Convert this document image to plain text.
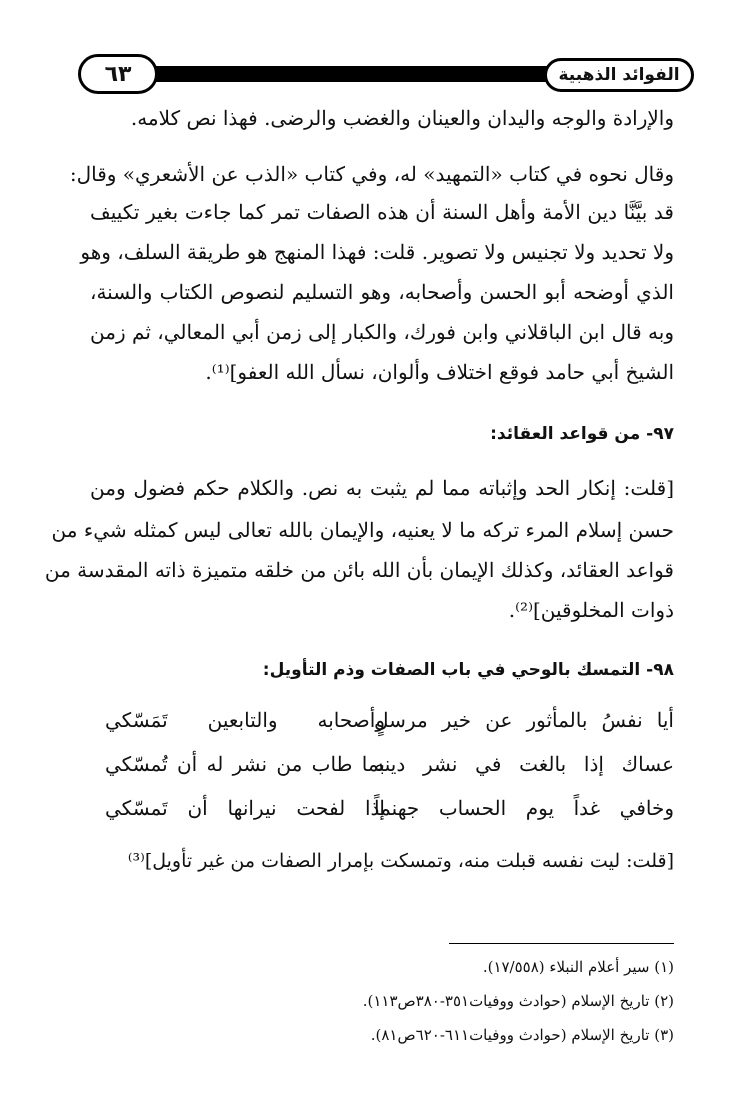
الفوائد الذهبية
٦٣
والإرادة والوجه واليدان والعينان والغضب والرضى. فهذا نص كلامه.
وقال نحوه في كتاب «التمهيد» له، وفي كتاب «الذب عن الأشعري» وقال:
قد بيَّنَّا دين الأمة وأهل السنة أن هذه الصفات تمر كما جاءت بغير تكييف
ولا تحديد ولا تجنيس ولا تصوير. قلت: فهذا المنهج هو طريقة السلف، وهو
الذي أوضحه أبو الحسن وأصحابه، وهو التسليم لنصوص الكتاب والسنة،
وبه قال ابن الباقلاني وابن فورك، والكبار إلى زمن أبي المعالي، ثم زمن
الشيخ أبي حامد فوقع اختلاف وألوان، نسأل الله العفو]⁽¹⁾.
٩٧- من قواعد العقائد:
[قلت: إنكار الحد وإثباته مما لم يثبت به نص. والكلام حكم فضول ومن
حسن إسلام المرء تركه ما لا يعنيه، والإيمان بالله تعالى ليس كمثله شيء من
قواعد العقائد، وكذلك الإيمان بأن الله بائن من خلقه متميزة ذاته المقدسة من
ذوات المخلوقين]⁽²⁾.
٩٨- التمسك بالوحي في باب الصفات وذم التأويل:
أيا نفسُ بالمأثور عن خير مرسلٍ
وأصحابه والتابعين تَمَسّكي
عساك إذا بالغت في نشر دينه
بما طاب من نشر له أن تُمسّكي
وخافي غداً يوم الحساب جهنماً
إذا لفحت نيرانها أن تَمسّكي
[قلت: ليت نفسه قبلت منه، وتمسكت بإمرار الصفات من غير تأويل]⁽³⁾
(١) سير أعلام النبلاء (١٧/٥٥٨).
(٢) تاريخ الإسلام (حوادث ووفيات٣٥١-٣٨٠ص١١٣).
(٣) تاريخ الإسلام (حوادث ووفيات٦١١-٦٢٠ص٨١).
